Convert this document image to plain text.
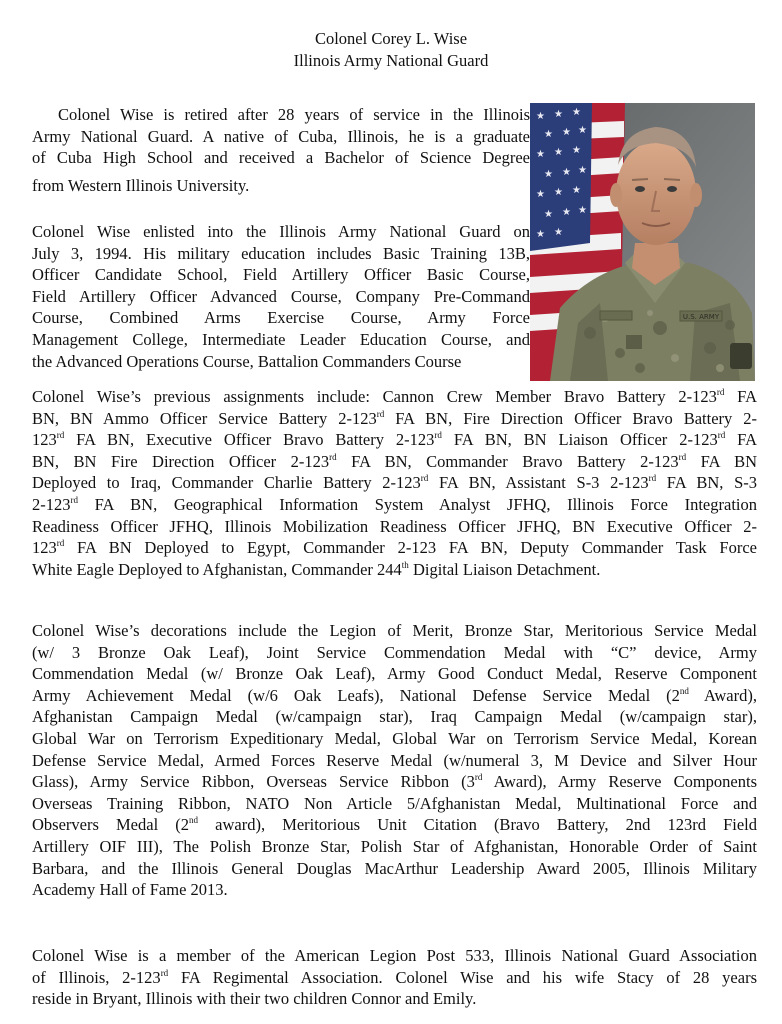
Colonel Corey L. Wise
Illinois Army National Guard
★ ★ ★
★ ★ ★
★ ★ ★
★ ★ ★
★ ★ ★
★ ★ ★
★ ★
U.S. ARMY

Colonel Wise is retired after 28 years of service in the Illinois
Army National Guard. A native of Cuba, Illinois, he is a graduate
of Cuba High School and received a Bachelor of Science Degree
from Western Illinois University.

Colonel Wise enlisted into the Illinois Army National Guard on
July 3, 1994. His military education includes Basic Training 13B,
Officer Candidate School, Field Artillery Officer Basic Course,
Field Artillery Officer Advanced Course, Company Pre-Command
Course, Combined Arms Exercise Course, Army Force
Management College, Intermediate Leader Education Course, and
the Advanced Operations Course, Battalion Commanders Course

Colonel Wise’s previous assignments include: Cannon Crew Member Bravo Battery 2-123rd FA
BN, BN Ammo Officer Service Battery 2-123rd FA BN, Fire Direction Officer Bravo Battery 2-
123rd FA BN, Executive Officer Bravo Battery 2-123rd FA BN, BN Liaison Officer 2-123rd FA
BN, BN Fire Direction Officer 2-123rd FA BN, Commander Bravo Battery 2-123rd FA BN
Deployed to Iraq, Commander Charlie Battery 2-123rd FA BN, Assistant S-3 2-123rd FA BN, S-3
2-123rd FA BN, Geographical Information System Analyst JFHQ, Illinois Force Integration
Readiness Officer JFHQ, Illinois Mobilization Readiness Officer JFHQ, BN Executive Officer 2-
123rd FA BN Deployed to Egypt, Commander 2-123 FA BN, Deputy Commander Task Force
White Eagle Deployed to Afghanistan, Commander 244th Digital Liaison Detachment.

Colonel Wise’s decorations include the Legion of Merit, Bronze Star, Meritorious Service Medal
(w/ 3 Bronze Oak Leaf), Joint Service Commendation Medal with “C” device, Army
Commendation Medal (w/ Bronze Oak Leaf), Army Good Conduct Medal, Reserve Component
Army Achievement Medal (w/6 Oak Leafs), National Defense Service Medal (2nd Award),
Afghanistan Campaign Medal (w/campaign star), Iraq Campaign Medal (w/campaign star),
Global War on Terrorism Expeditionary Medal, Global War on Terrorism Service Medal, Korean
Defense Service Medal, Armed Forces Reserve Medal (w/numeral 3, M Device and Silver Hour
Glass), Army Service Ribbon, Overseas Service Ribbon (3rd Award), Army Reserve Components
Overseas Training Ribbon, NATO Non Article 5/Afghanistan Medal, Multinational Force and
Observers Medal (2nd award), Meritorious Unit Citation (Bravo Battery, 2nd 123rd Field
Artillery OIF III), The Polish Bronze Star, Polish Star of Afghanistan, Honorable Order of Saint
Barbara, and the Illinois General Douglas MacArthur Leadership Award 2005, Illinois Military
Academy Hall of Fame 2013.

Colonel Wise is a member of the American Legion Post 533, Illinois National Guard Association
of Illinois, 2-123rd FA Regimental Association. Colonel Wise and his wife Stacy of 28 years
reside in Bryant, Illinois with their two children Connor and Emily.
